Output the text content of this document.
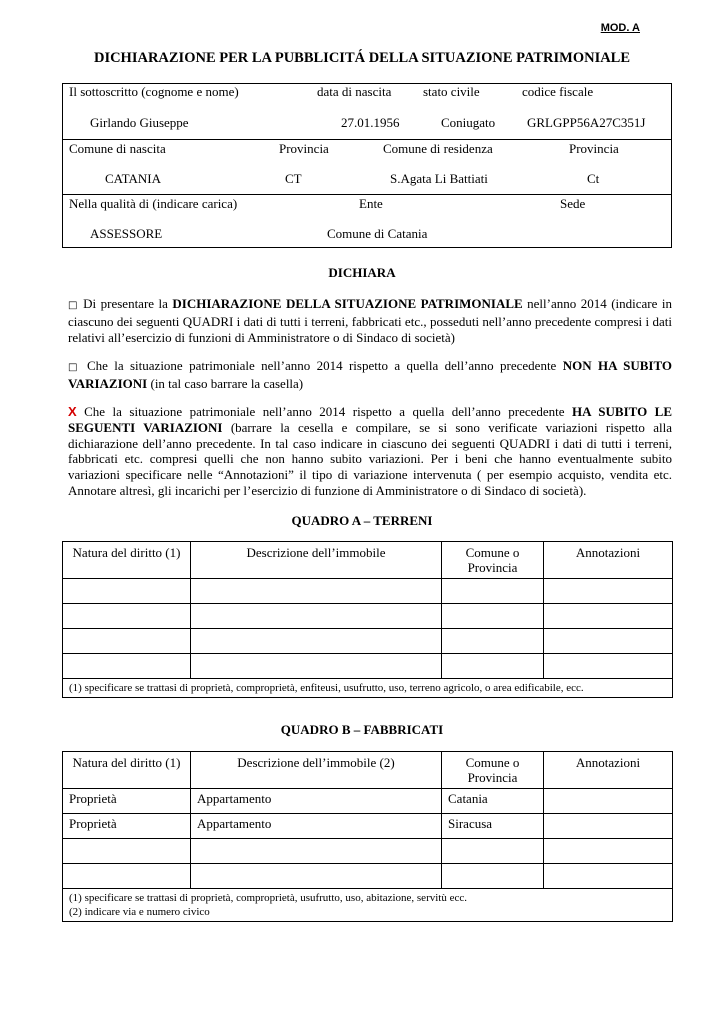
MOD. A
DICHIARAZIONE PER LA PUBBLICITÁ DELLA SITUAZIONE PATRIMONIALE
Il sottoscritto (cognome e nome)	data di nascita stato civile	codice fiscale
Girlando Giuseppe	27.01.1956	Coniugato GRLGPP56A27C351J
Comune di nascita	Provincia	Comune di residenza	Provincia
CATANIA	CT	S.Agata Li Battiati	Ct
Nella qualità di (indicare carica)	Ente	Sede
ASSESSORE	Comune di Catania
DICHIARA

□ Di presentare la DICHIARAZIONE DELLA SITUAZIONE PATRIMONIALE nell’anno 2014 (indicare in ciascuno dei seguenti QUADRI i dati di tutti i terreni, fabbricati etc., posseduti nell’anno precedente compresi i dati relativi all’esercizio di funzioni di Amministratore o di Sindaco di società)

□ Che la situazione patrimoniale nell’anno 2014 rispetto a quella dell’anno precedente NON HA SUBITO VARIAZIONI (in tal caso barrare la casella)

X Che la situazione patrimoniale nell’anno 2014 rispetto a quella dell’anno precedente HA SUBITO LE SEGUENTI VARIAZIONI (barrare la cesella e compilare, se si sono verificate variazioni rispetto alla dichiarazione dell’anno precedente. In tal caso indicare in ciascuno dei seguenti QUADRI i dati di tutti i terreni, fabbricati etc. compresi quelli che non hanno subito variazioni. Per i beni che hanno eventualmente subito variazioni specificare nelle “Annotazioni” il tipo di variazione intervenuta ( per esempio acquisto, vendita etc. Annotare altresì, gli incarichi per l’esercizio di funzione di Amministratore o di Sindaco di società).

QUADRO A – TERRENI
Natura del diritto (1)	Descrizione dell’immobile	Comune o Provincia	Annotazioni

(1) specificare se trattasi di proprietà, comproprietà, enfiteusi, usufrutto, uso, terreno agricolo, o area edificabile, ecc.			
QUADRO B – FABBRICATI
Natura del diritto (1)	Descrizione dell’immobile (2)	Comune o Provincia	Annotazioni
Proprietà	Appartamento	Catania	
Proprietà	Appartamento	Siracusa	

(1) specificare se trattasi di proprietà, comproprietà, usufrutto, uso, abitazione, servitù ecc.
(2) indicare via e numero civico			
